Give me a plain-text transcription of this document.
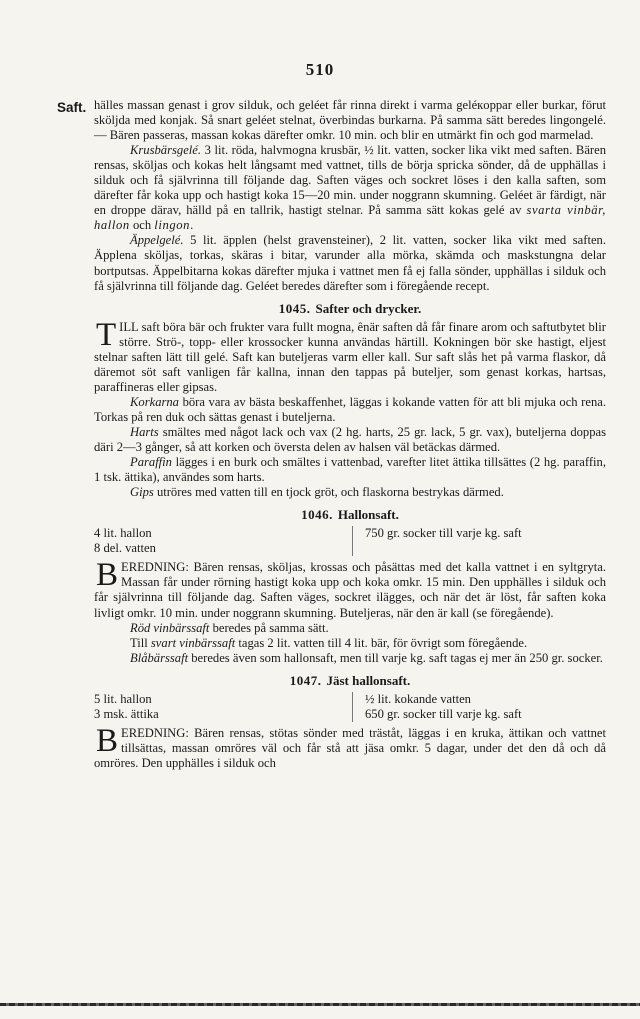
510
Saft. hälles massan genast i grov silduk, och geléet får rinna direkt i varma geléкoppar eller burkar, förut sköljda med konjak. Så snart geléet stelnat, överbindas burkarna. På samma sätt beredes lingongelé. — Bären passeras, massan kokas därefter omkr. 10 min. och blir en utmärkt fin och god marmelad.

Krusbärsgelé. 3 lit. röda, halvmogna krusbär, ½ lit. vatten, socker lika vikt med saften. Bären rensas, sköljas och kokas helt långsamt med vattnet, tills de börja spricka sönder, då de upphällas i silduk och få självrinna till följande dag. Saften väges och sockret löses i den kalla saften, som därefter får koka upp och hastigt koka 15—20 min. under noggrann skumning. Geléet är färdigt, när en droppe därav, hälld på en tallrik, hastigt stelnar. På samma sätt kokas gelé av svarta vinbär, hallon och lingon.

Äppelgelé. 5 lit. äpplen (helst gravensteiner), 2 lit. vatten, socker lika vikt med saften. Äpplena sköljas, torkas, skäras i bitar, varunder alla mörka, skämda och maskstungna delar bortputsas. Äppelbitarna kokas därefter mjuka i vattnet men få ej falla sönder, upphällas i silduk och få självrinna till följande dag. Geléet beredes därefter som i föregående recept.

1045. Safter och drycker.

TILL saft böra bär och frukter vara fullt mogna, ênär saften då får finare arom och saftutbytet blir större. Strö-, topp- eller krossocker kunna användas härtill. Kokningen bör ske hastigt, eljest stelnar saften lätt till gelé. Saft kan buteljeras varm eller kall. Sur saft slås het på varma flaskor, då däremot söt saft vanligen får kallna, innan den tappas på buteljer, som genast korkas, hartsas, paraffineras eller gipsas.

Korkarna böra vara av bästa beskaffenhet, läggas i kokande vatten för att bli mjuka och rena. Torkas på ren duk och sättas genast i buteljerna.

Harts smältes med något lack och vax (2 hg. harts, 25 gr. lack, 5 gr. vax), buteljerna doppas däri 2—3 gånger, så att korken och översta delen av halsen väl betäckas därmed.

Paraffin lägges i en burk och smältes i vattenbad, varefter litet ättika tillsättes (2 hg. paraffin, 1 tsk. ättika), användes som harts.

Gips utröres med vatten till en tjock gröt, och flaskorna bestrykas därmed.

1046. Hallonsaft.

4 lit. hallon
8 del. vatten
750 gr. socker till varje kg. saft

BEREDNING: Bären rensas, sköljas, krossas och påsättas med det kalla vattnet i en syltgryta. Massan får under rörning hastigt koka upp och koka omkr. 15 min. Den upphälles i silduk och får självrinna till följande dag. Saften väges, sockret ilägges, och när det är löst, får saften koka livligt omkr. 10 min. under noggrann skumning. Buteljeras, när den är kall (se föregående).

Röd vinbärssaft beredes på samma sätt.

Till svart vinbärssaft tagas 2 lit. vatten till 4 lit. bär, för övrigt som föregående.

Blåbärssaft beredes även som hallonsaft, men till varje kg. saft tagas ej mer än 250 gr. socker.

1047. Jäst hallonsaft.

5 lit. hallon
3 msk. ättika
½ lit. kokande vatten
650 gr. socker till varje kg. saft

BEREDNING: Bären rensas, stötas sönder med träståt, läggas i en kruka, ättikan och vattnet tillsättas, massan omröres väl och får stå att jäsa omkr. 5 dagar, under det den då och då omröres. Den upphälles i silduk och
